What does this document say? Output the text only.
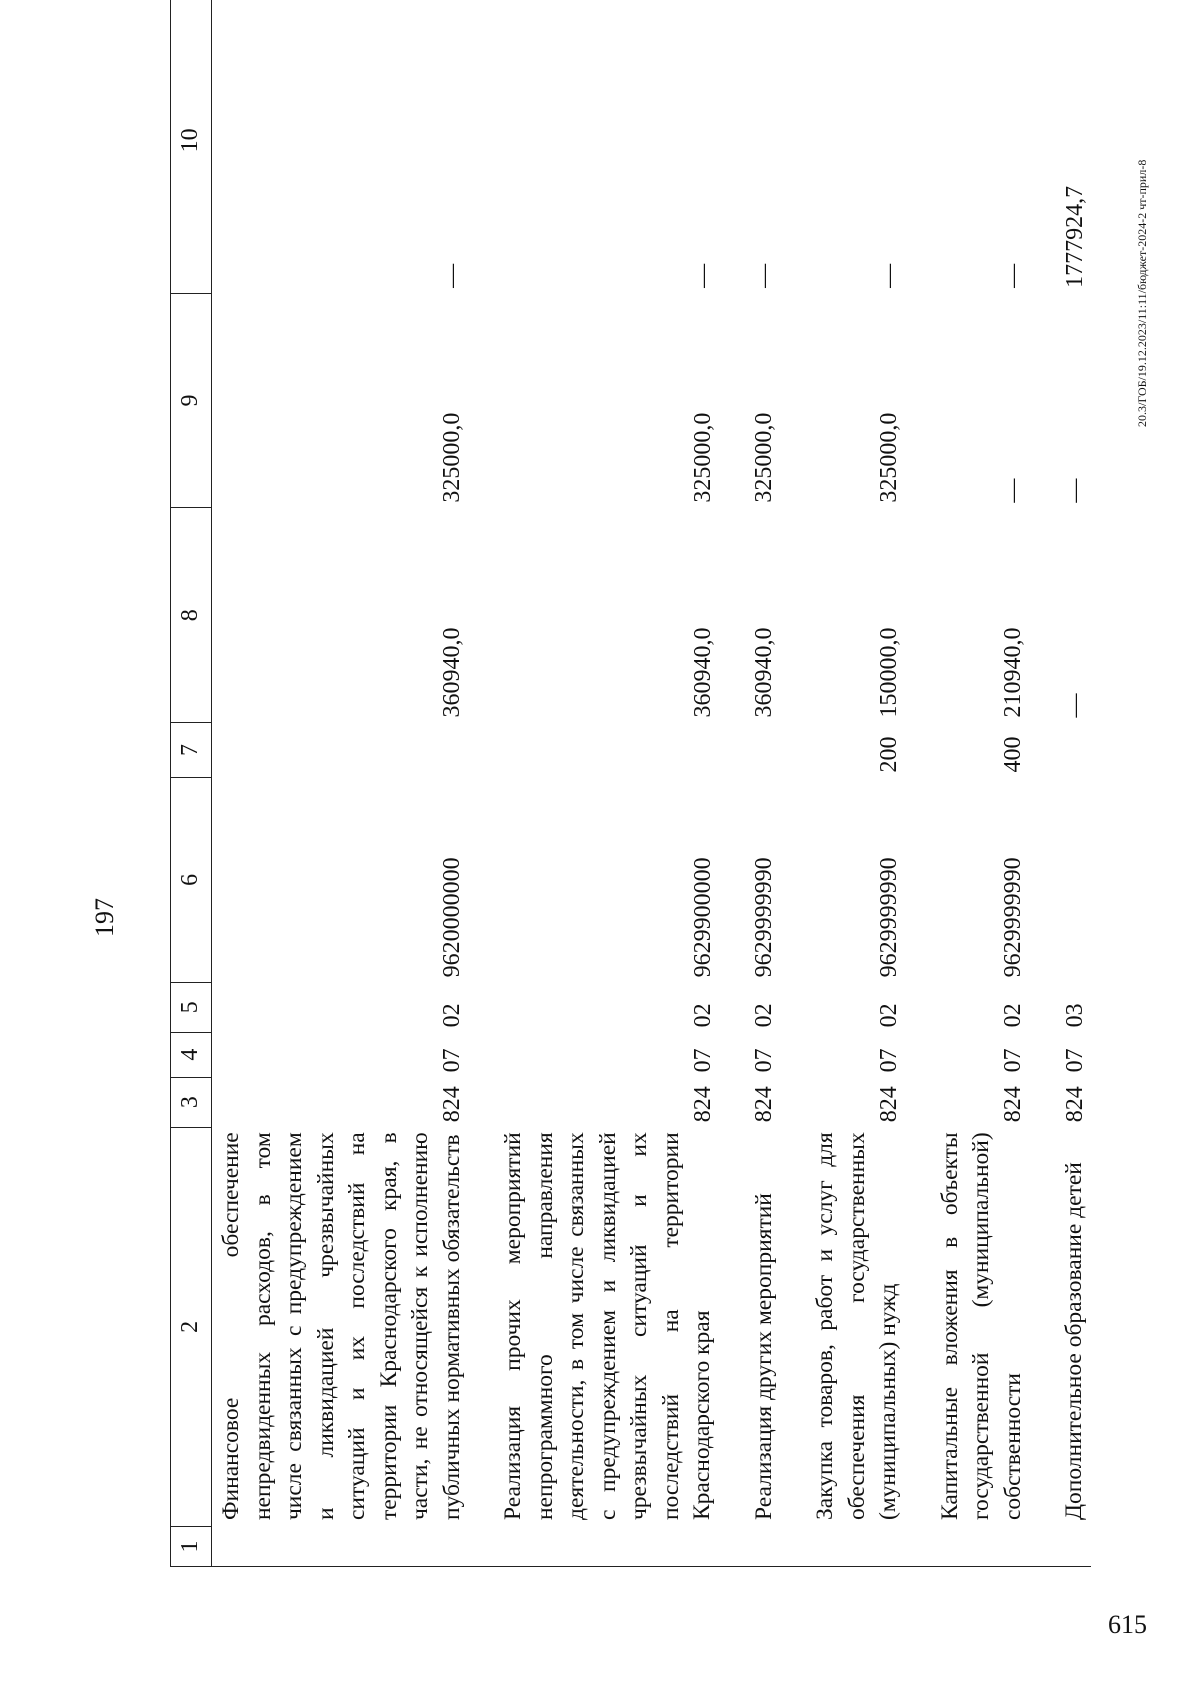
615
197
1
2
3
4
5
6
7
8
9
10
Финансовое обеспечение непредвиденных расходов, в том числе связанных с предупреждением и ликвидацией чрезвычайных ситуаций и их последствий на территории Краснодарского края, в части, не относящейся к исполнению публичных нормативных обязательств
824
07
02
9620000000
360940,0
325000,0
—
Реализация прочих мероприятий непрограммного направления деятельности, в том числе связанных с предупреждением и ликвидацией чрезвычайных ситуаций и их последствий на территории Краснодарского края
824
07
02
9629900000
360940,0
325000,0
—
Реализация других мероприятий
824
07
02
9629999990
360940,0
325000,0
—
Закупка товаров, работ и услуг для обеспечения государственных (муниципальных) нужд
824
07
02
9629999990
200
150000,0
325000,0
—
Капитальные вложения в объекты государственной (муниципальной) собственности
824
07
02
9629999990
400
210940,0
—
—
Дополнительное образование детей
824
07
03
—
—
1777924,7	20.3/ГОБ/19.12.2023/11:11/бюджет-2024-2 чт-прил-8
